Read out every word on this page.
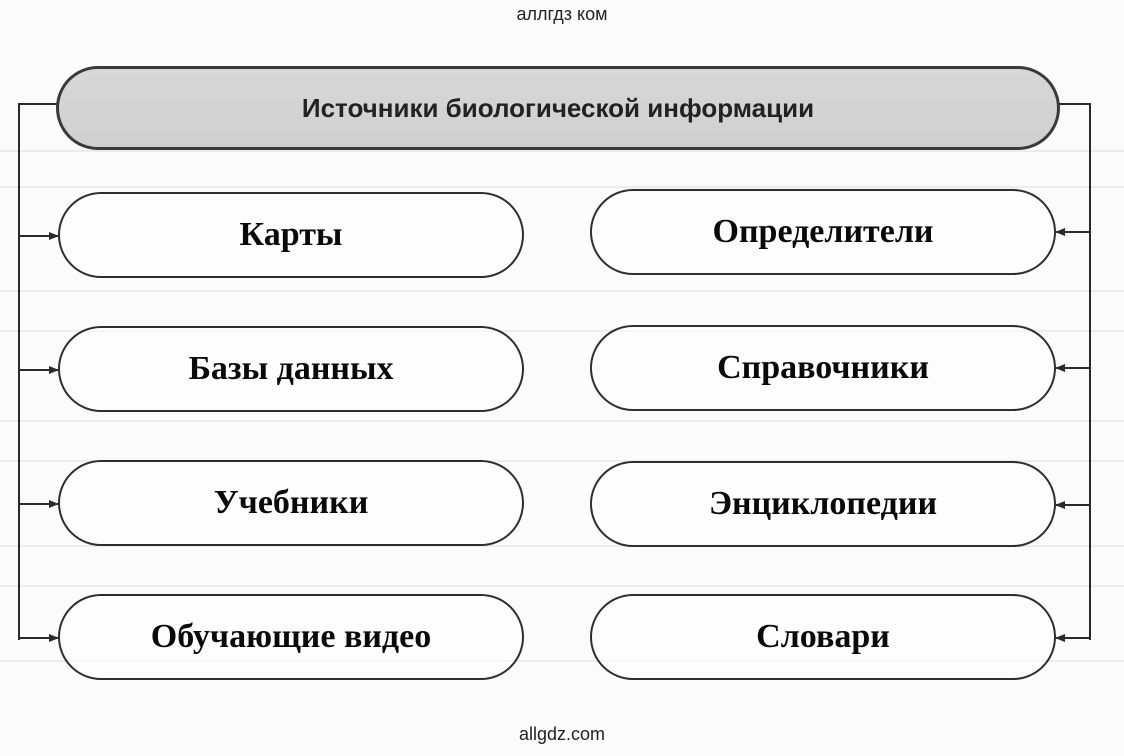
аллгдз ком
Источники биологической информации
Карты
Базы данных
Учебники
Обучающие видео
Определители
Справочники
Энциклопедии
Словари
allgdz.com
